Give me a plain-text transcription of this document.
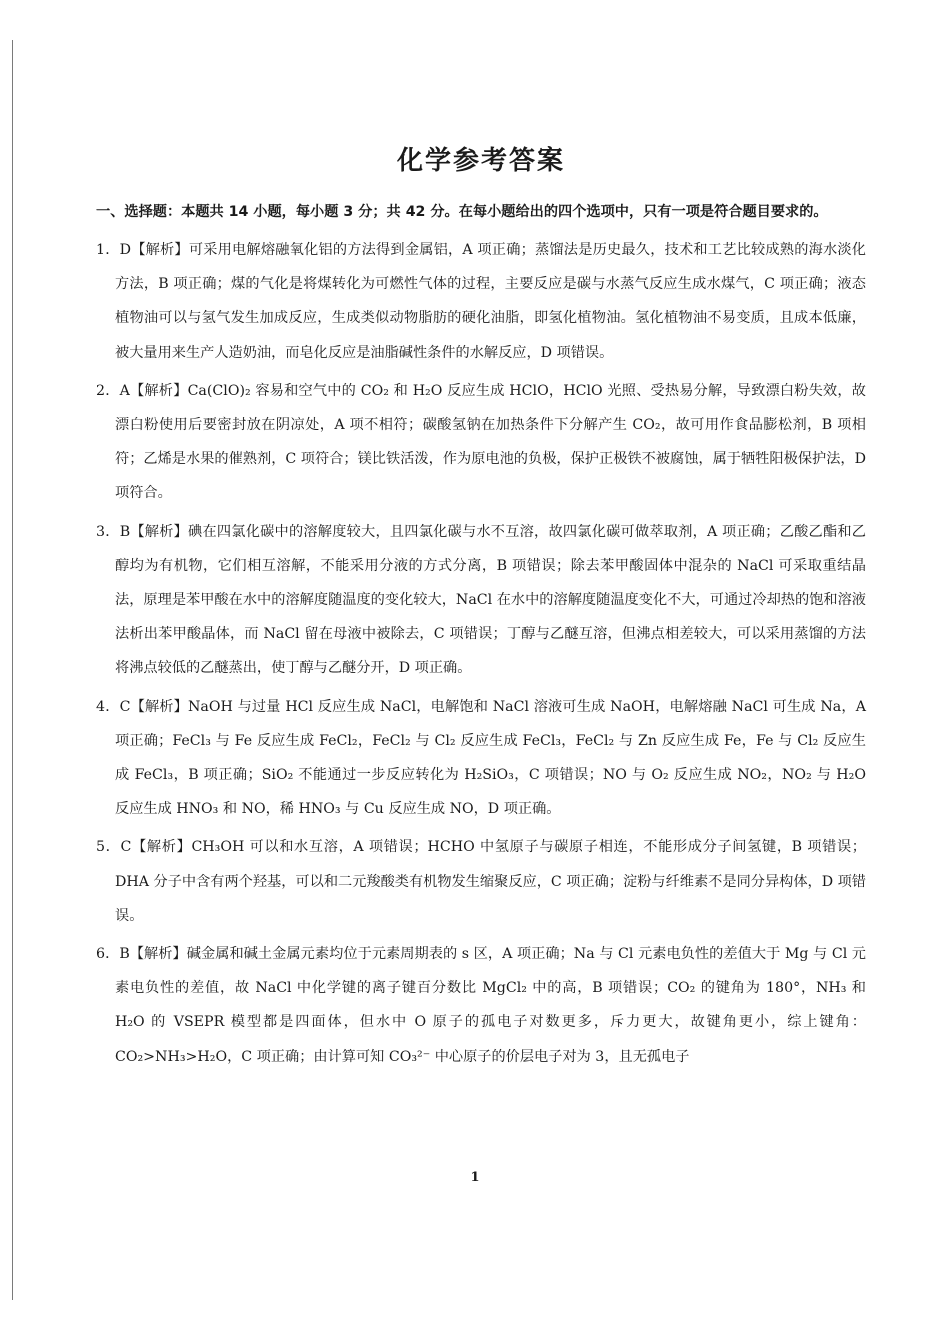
化学参考答案

一、选择题：本题共 14 小题，每小题 3 分；共 42 分。在每小题给出的四个选项中，只有一项是符合题目要求的。

1．D【解析】可采用电解熔融氧化铝的方法得到金属铝，A 项正确；蒸馏法是历史最久，技术和工艺比较成熟的海水淡化方法，B 项正确；煤的气化是将煤转化为可燃性气体的过程，主要反应是碳与水蒸气反应生成水煤气，C 项正确；液态植物油可以与氢气发生加成反应，生成类似动物脂肪的硬化油脂，即氢化植物油。氢化植物油不易变质，且成本低廉，被大量用来生产人造奶油，而皂化反应是油脂碱性条件的水解反应，D 项错误。

2．A【解析】Ca(ClO)₂ 容易和空气中的 CO₂ 和 H₂O 反应生成 HClO，HClO 光照、受热易分解，导致漂白粉失效，故漂白粉使用后要密封放在阴凉处，A 项不相符；碳酸氢钠在加热条件下分解产生 CO₂，故可用作食品膨松剂，B 项相符；乙烯是水果的催熟剂，C 项符合；镁比铁活泼，作为原电池的负极，保护正极铁不被腐蚀，属于牺牲阳极保护法，D 项符合。

3．B【解析】碘在四氯化碳中的溶解度较大，且四氯化碳与水不互溶，故四氯化碳可做萃取剂，A 项正确；乙酸乙酯和乙醇均为有机物，它们相互溶解，不能采用分液的方式分离，B 项错误；除去苯甲酸固体中混杂的 NaCl 可采取重结晶法，原理是苯甲酸在水中的溶解度随温度的变化较大，NaCl 在水中的溶解度随温度变化不大，可通过冷却热的饱和溶液法析出苯甲酸晶体，而 NaCl 留在母液中被除去，C 项错误；丁醇与乙醚互溶，但沸点相差较大，可以采用蒸馏的方法将沸点较低的乙醚蒸出，使丁醇与乙醚分开，D 项正确。

4．C【解析】NaOH 与过量 HCl 反应生成 NaCl，电解饱和 NaCl 溶液可生成 NaOH，电解熔融 NaCl 可生成 Na，A 项正确；FeCl₃ 与 Fe 反应生成 FeCl₂，FeCl₂ 与 Cl₂ 反应生成 FeCl₃，FeCl₂ 与 Zn 反应生成 Fe，Fe 与 Cl₂ 反应生成 FeCl₃，B 项正确；SiO₂ 不能通过一步反应转化为 H₂SiO₃，C 项错误；NO 与 O₂ 反应生成 NO₂，NO₂ 与 H₂O 反应生成 HNO₃ 和 NO，稀 HNO₃ 与 Cu 反应生成 NO，D 项正确。

5．C【解析】CH₃OH 可以和水互溶，A 项错误；HCHO 中氢原子与碳原子相连，不能形成分子间氢键，B 项错误；DHA 分子中含有两个羟基，可以和二元羧酸类有机物发生缩聚反应，C 项正确；淀粉与纤维素不是同分异构体，D 项错误。

6．B【解析】碱金属和碱土金属元素均位于元素周期表的 s 区，A 项正确；Na 与 Cl 元素电负性的差值大于 Mg 与 Cl 元素电负性的差值，故 NaCl 中化学键的离子键百分数比 MgCl₂ 中的高，B 项错误；CO₂ 的键角为 180°，NH₃ 和 H₂O 的 VSEPR 模型都是四面体，但水中 O 原子的孤电子对数更多，斥力更大，故键角更小，综上键角：CO₂>NH₃>H₂O，C 项正确；由计算可知 CO₃²⁻ 中心原子的价层电子对为 3，且无孤电子

1
